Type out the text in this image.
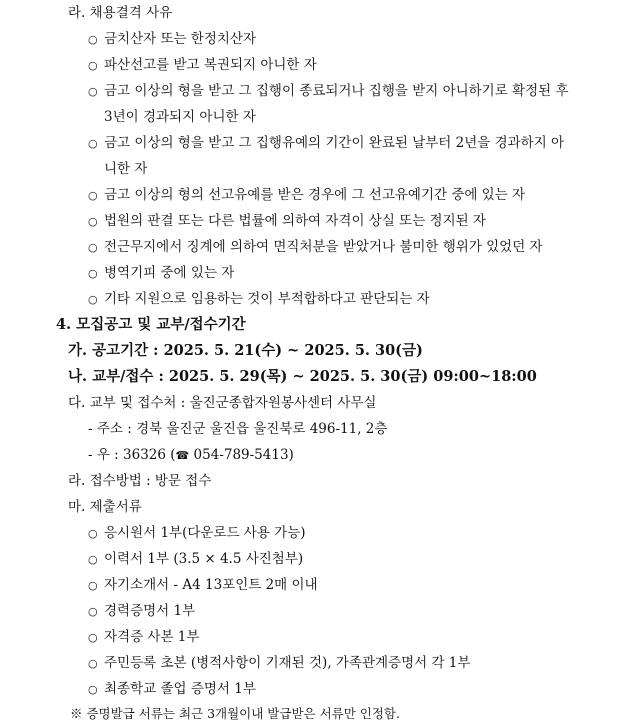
라. 채용결격 사유
○ 금치산자 또는 한정치산자
○ 파산선고를 받고 복권되지 아니한 자
○ 금고 이상의 형을 받고 그 집행이 종료되거나 집행을 받지 아니하기로 확정된 후
3년이 경과되지 아니한 자
○ 금고 이상의 형을 받고 그 집행유예의 기간이 완료된 날부터 2년을 경과하지 아
니한 자
○ 금고 이상의 형의 선고유예를 받은 경우에 그 선고유예기간 중에 있는 자
○ 법원의 판결 또는 다른 법률에 의하여 자격이 상실 또는 정지된 자
○ 전근무지에서 징계에 의하여 면직처분을 받았거나 불미한 행위가 있었던 자
○ 병역기피 중에 있는 자
○ 기타 지원으로 임용하는 것이 부적합하다고 판단되는 자
4. 모집공고 및 교부/접수기간
가. 공고기간 : 2025. 5. 21(수) ~ 2025. 5. 30(금)
나. 교부/접수 : 2025. 5. 29(목) ~ 2025. 5. 30(금) 09:00~18:00
다. 교부 및 접수처 : 울진군종합자원봉사센터 사무실
- 주소 : 경북 울진군 울진읍 울진북로 496-11, 2층
- 우 : 36326 (☎ 054-789-5413)
라. 접수방법 : 방문 접수
마. 제출서류
○ 응시원서 1부(다운로드 사용 가능)
○ 이력서 1부 (3.5 × 4.5 사진첨부)
○ 자기소개서 - A4 13포인트 2매 이내
○ 경력증명서 1부
○ 자격증 사본 1부
○ 주민등록 초본 (병적사항이 기재된 것), 가족관계증명서 각 1부
○ 최종학교 졸업 증명서 1부
※ 증명발급 서류는 최근 3개월이내 발급받은 서류만 인정함.
